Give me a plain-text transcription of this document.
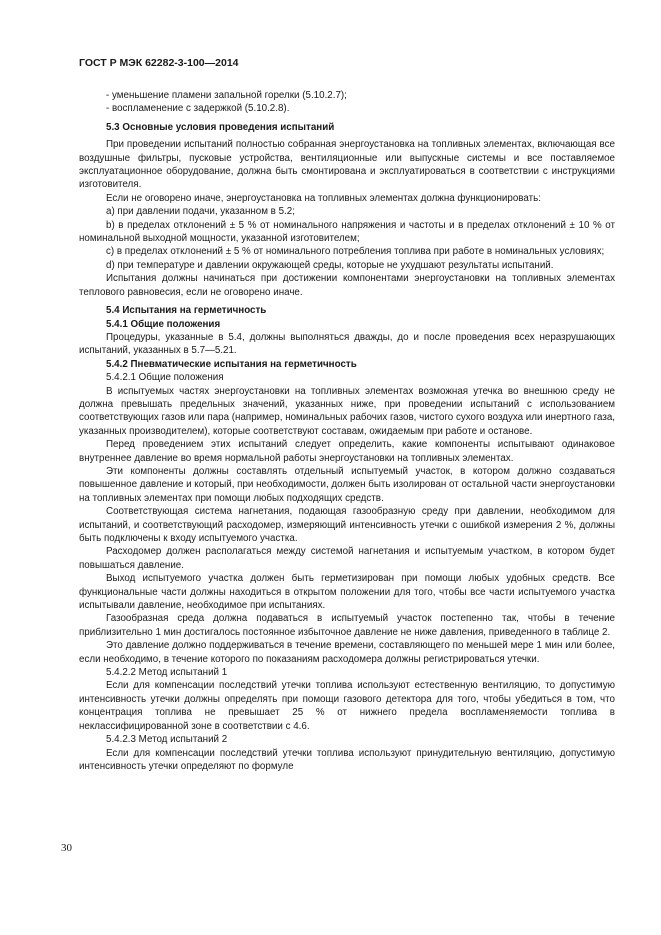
ГОСТ Р МЭК 62282-3-100—2014

- уменьшение пламени запальной горелки (5.10.2.7);

- воспламенение с задержкой (5.10.2.8).

5.3 Основные условия проведения испытаний

При проведении испытаний полностью собранная энергоустановка на топливных элементах, включающая все воздушные фильтры, пусковые устройства, вентиляционные или выпускные системы и все поставляемое эксплуатационное оборудование, должна быть смонтирована и эксплуатироваться в соответствии с инструкциями изготовителя.

Если не оговорено иначе, энергоустановка на топливных элементах должна функционировать:

a) при давлении подачи, указанном в 5.2;

b) в пределах отклонений ± 5 % от номинального напряжения и частоты и в пределах отклонений ± 10 % от номинальной выходной мощности, указанной изготовителем;

c) в пределах отклонений ± 5 % от номинального потребления топлива при работе в номинальных условиях;

d) при температуре и давлении окружающей среды, которые не ухудшают результаты испытаний.

Испытания должны начинаться при достижении компонентами энергоустановки на топливных элементах теплового равновесия, если не оговорено иначе.

5.4 Испытания на герметичность
5.4.1 Общие положения

Процедуры, указанные в 5.4, должны выполняться дважды, до и после проведения всех неразрушающих испытаний, указанных в 5.7—5.21.

5.4.2 Пневматические испытания на герметичность
5.4.2.1 Общие положения

В испытуемых частях энергоустановки на топливных элементах возможная утечка во внешнюю среду не должна превышать предельных значений, указанных ниже, при проведении испытаний с использованием соответствующих газов или пара (например, номинальных рабочих газов, чистого сухого воздуха или инертного газа, указанных производителем), которые соответствуют составам, ожидаемым при работе и останове.

Перед проведением этих испытаний следует определить, какие компоненты испытывают одинаковое внутреннее давление во время нормальной работы энергоустановки на топливных элементах.

Эти компоненты должны составлять отдельный испытуемый участок, в котором должно создаваться повышенное давление и который, при необходимости, должен быть изолирован от остальной части энергоустановки на топливных элементах при помощи любых подходящих средств.

Соответствующая система нагнетания, подающая газообразную среду при давлении, необходимом для испытаний, и соответствующий расходомер, измеряющий интенсивность утечки с ошибкой измерения 2 %, должны быть подключены к входу испытуемого участка.

Расходомер должен располагаться между системой нагнетания и испытуемым участком, в котором будет повышаться давление.

Выход испытуемого участка должен быть герметизирован при помощи любых удобных средств. Все функциональные части должны находиться в открытом положении для того, чтобы все части испытуемого участка испытывали давление, необходимое при испытаниях.

Газообразная среда должна подаваться в испытуемый участок постепенно так, чтобы в течение приблизительно 1 мин достигалось постоянное избыточное давление не ниже давления, приведенного в таблице 2.

Это давление должно поддерживаться в течение времени, составляющего по меньшей мере 1 мин или более, если необходимо, в течение которого по показаниям расходомера должны регистрироваться утечки.

5.4.2.2 Метод испытаний 1

Если для компенсации последствий утечки топлива используют естественную вентиляцию, то допустимую интенсивность утечки должны определять при помощи газового детектора для того, чтобы убедиться в том, что концентрация топлива не превышает 25 % от нижнего предела воспламеняемости топлива в неклассифицированной зоне в соответствии с 4.6.

5.4.2.3 Метод испытаний 2

Если для компенсации последствий утечки топлива используют принудительную вентиляцию, допустимую интенсивность утечки определяют по формуле

30
